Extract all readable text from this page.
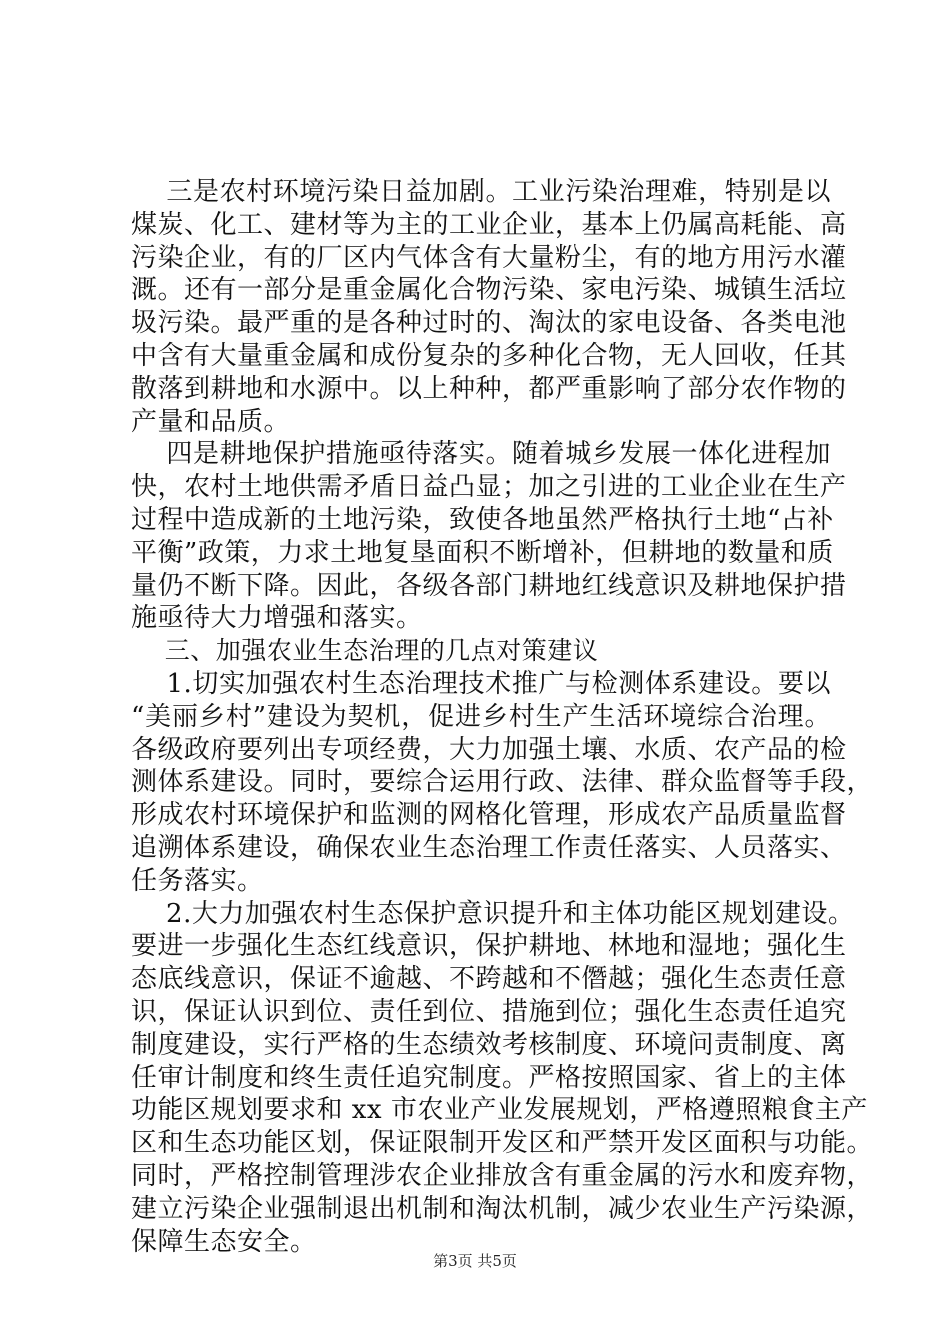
三是农村环境污染日益加剧。工业污染治理难，特别是以
煤炭、化工、建材等为主的工业企业，基本上仍属高耗能、高
污染企业，有的厂区内气体含有大量粉尘，有的地方用污水灌
溉。还有一部分是重金属化合物污染、家电污染、城镇生活垃
圾污染。最严重的是各种过时的、淘汰的家电设备、各类电池
中含有大量重金属和成份复杂的多种化合物，无人回收，任其
散落到耕地和水源中。以上种种，都严重影响了部分农作物的
产量和品质。
四是耕地保护措施亟待落实。随着城乡发展一体化进程加
快，农村土地供需矛盾日益凸显；加之引进的工业企业在生产
过程中造成新的土地污染，致使各地虽然严格执行土地“占补
平衡”政策，力求土地复垦面积不断增补，但耕地的数量和质
量仍不断下降。因此，各级各部门耕地红线意识及耕地保护措
施亟待大力增强和落实。
三、加强农业生态治理的几点对策建议
1.切实加强农村生态治理技术推广与检测体系建设。要以
“美丽乡村”建设为契机，促进乡村生产生活环境综合治理。
各级政府要列出专项经费，大力加强土壤、水质、农产品的检
测体系建设。同时，要综合运用行政、法律、群众监督等手段，
形成农村环境保护和监测的网格化管理，形成农产品质量监督
追溯体系建设，确保农业生态治理工作责任落实、人员落实、
任务落实。
2.大力加强农村生态保护意识提升和主体功能区规划建设。
要进一步强化生态红线意识，保护耕地、林地和湿地；强化生
态底线意识，保证不逾越、不跨越和不僭越；强化生态责任意
识，保证认识到位、责任到位、措施到位；强化生态责任追究
制度建设，实行严格的生态绩效考核制度、环境问责制度、离
任审计制度和终生责任追究制度。严格按照国家、省上的主体
功能区规划要求和 xx 市农业产业发展规划，严格遵照粮食主产
区和生态功能区划，保证限制开发区和严禁开发区面积与功能。
同时，严格控制管理涉农企业排放含有重金属的污水和废弃物，
建立污染企业强制退出机制和淘汰机制，减少农业生产污染源，
保障生态安全。
第3页 共5页
